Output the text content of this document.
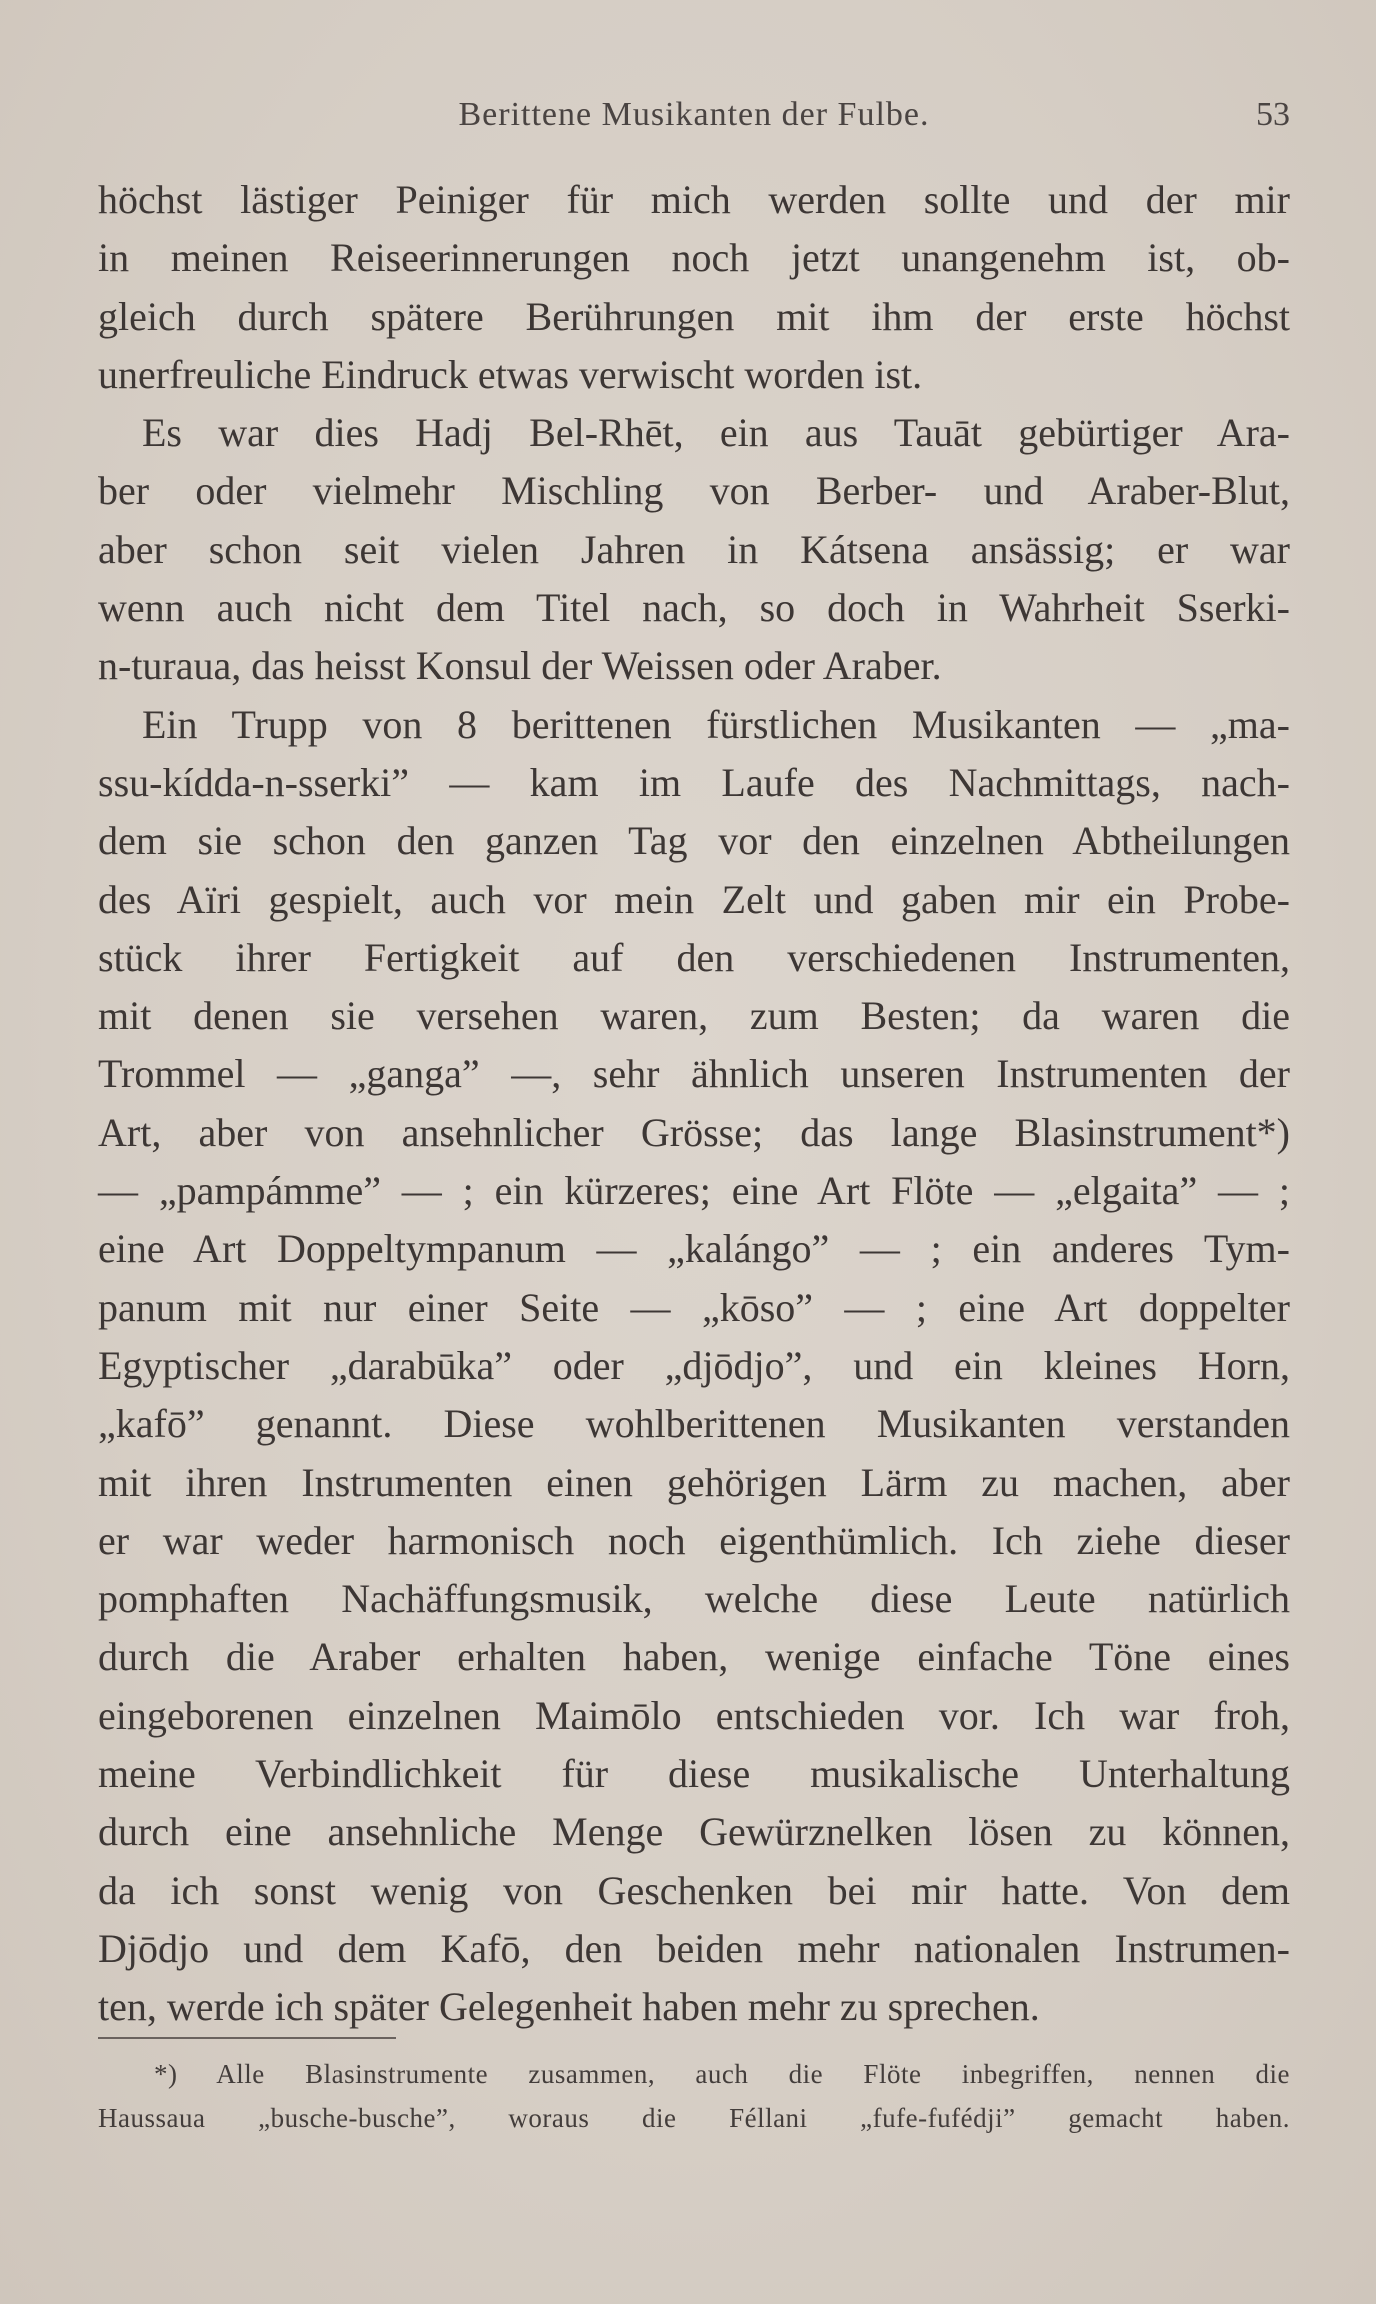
Berittene Musikanten der Fulbe.	53
höchst lästiger Peiniger für mich werden sollte und der mir
in meinen Reiseerinnerungen noch jetzt unangenehm ist, ob-
gleich durch spätere Berührungen mit ihm der erste höchst
unerfreuliche Eindruck etwas verwischt worden ist.
Es war dies Hadj Bel-Rhēt, ein aus Tauāt gebürtiger Ara-
ber oder vielmehr Mischling von Berber- und Araber-Blut,
aber schon seit vielen Jahren in Kátsena ansässig; er war
wenn auch nicht dem Titel nach, so doch in Wahrheit Sserki-
n-turaua, das heisst Konsul der Weissen oder Araber.
Ein Trupp von 8 berittenen fürstlichen Musikanten — „ma-
ssu-kídda-n-sserki” — kam im Laufe des Nachmittags, nach-
dem sie schon den ganzen Tag vor den einzelnen Abtheilungen
des Aïri gespielt, auch vor mein Zelt und gaben mir ein Probe-
stück ihrer Fertigkeit auf den verschiedenen Instrumenten,
mit denen sie versehen waren, zum Besten; da waren die
Trommel — „ganga” —, sehr ähnlich unseren Instrumenten der
Art, aber von ansehnlicher Grösse; das lange Blasinstrument*)
— „pampámme” — ; ein kürzeres; eine Art Flöte — „elgaita” — ;
eine Art Doppeltympanum — „kalángo” — ; ein anderes Tym-
panum mit nur einer Seite — „kōso” — ; eine Art doppelter
Egyptischer „darabūka” oder „djōdjo”, und ein kleines Horn,
„kafō” genannt. Diese wohlberittenen Musikanten verstanden
mit ihren Instrumenten einen gehörigen Lärm zu machen, aber
er war weder harmonisch noch eigenthümlich. Ich ziehe dieser
pomphaften Nachäffungsmusik, welche diese Leute natürlich
durch die Araber erhalten haben, wenige einfache Töne eines
eingeborenen einzelnen Maimōlo entschieden vor. Ich war froh,
meine Verbindlichkeit für diese musikalische Unterhaltung
durch eine ansehnliche Menge Gewürznelken lösen zu können,
da ich sonst wenig von Geschenken bei mir hatte. Von dem
Djōdjo und dem Kafō, den beiden mehr nationalen Instrumen-
ten, werde ich später Gelegenheit haben mehr zu sprechen.
*) Alle Blasinstrumente zusammen, auch die Flöte inbegriffen, nennen die
Haussaua „busche-busche”, woraus die Féllani „fufe-fufédji” gemacht haben.
